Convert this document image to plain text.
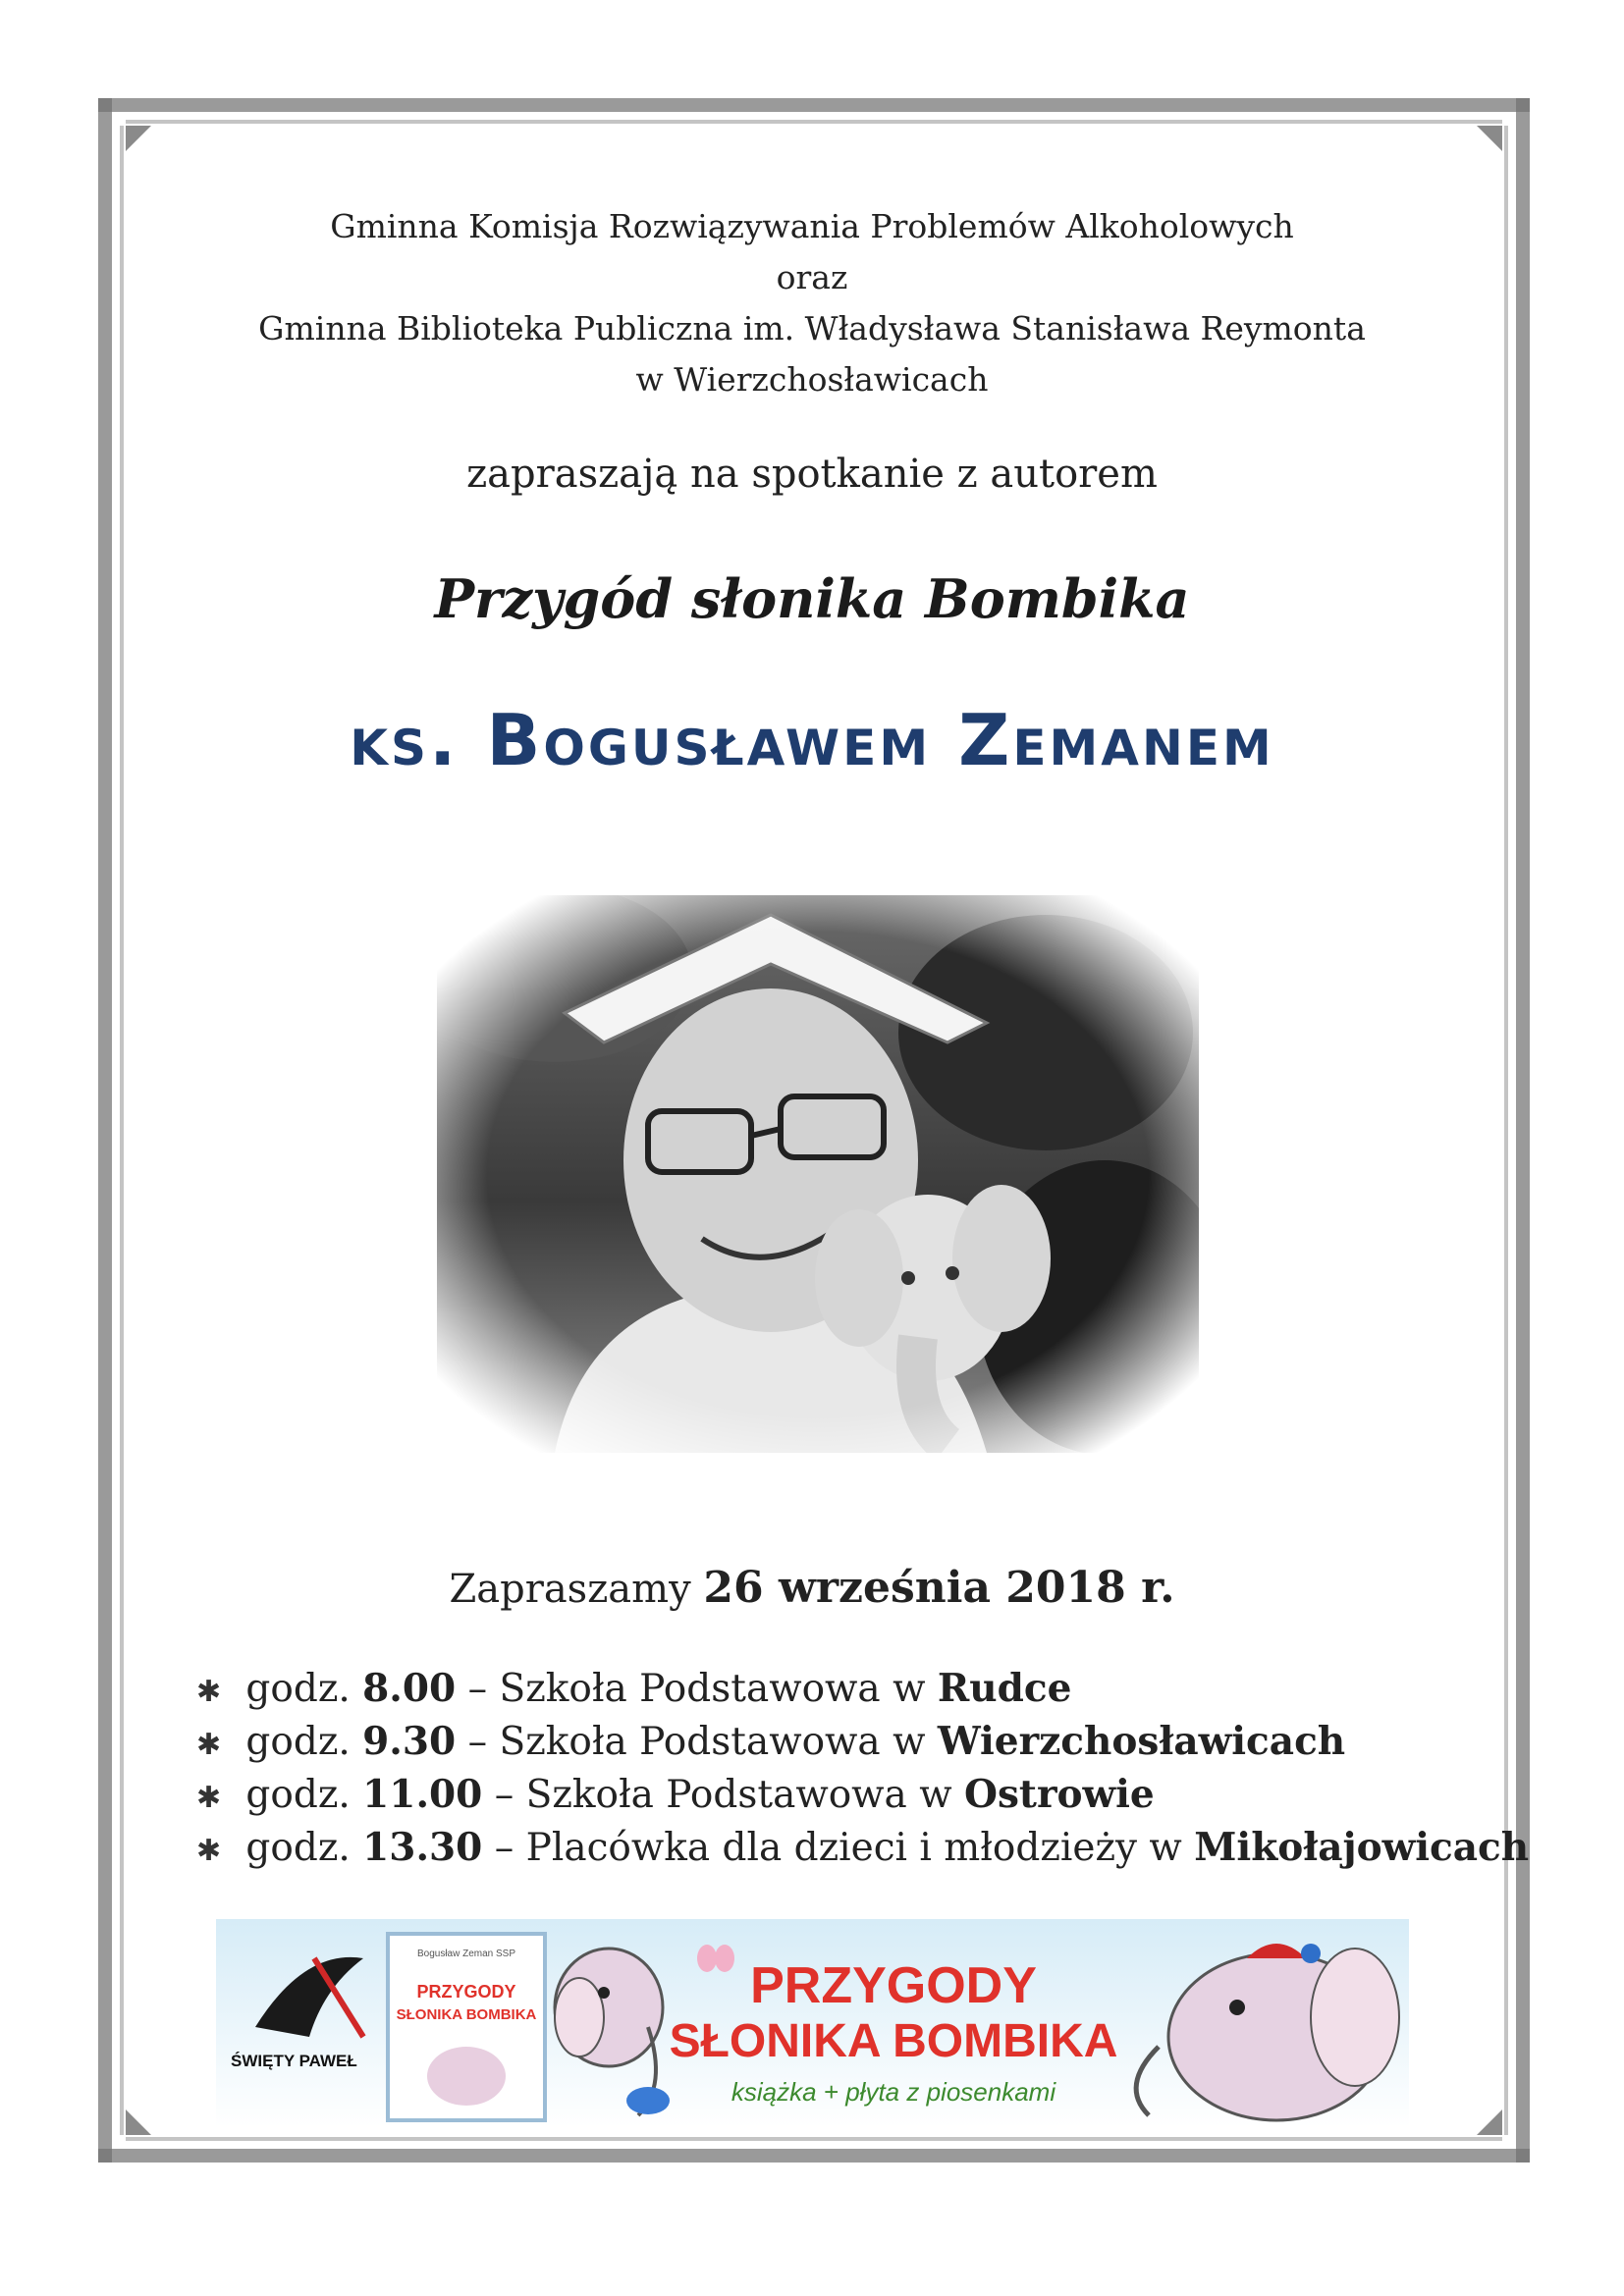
Gminna Komisja Rozwiązywania Problemów Alkoholowych
oraz
Gminna Biblioteka Publiczna im. Władysława Stanisława Reymonta
w Wierzchosławicach
zapraszają na spotkanie z autorem
Przygód słonika Bombika
ks. Bogusławem Zemanem
Zapraszamy 26 września 2018 r.
✱ godz. 8.00 – Szkoła Podstawowa w Rudce
✱ godz. 9.30 – Szkoła Podstawowa w Wierzchosławicach
✱ godz. 11.00 – Szkoła Podstawowa w Ostrowie
✱ godz. 13.30 – Placówka dla dzieci i młodzieży w Mikołajowicach
ŚWIĘTY PAWEŁ
Bogusław Zeman SSP
PRZYGODY
SŁONIKA BOMBIKA
PRZYGODY
SŁONIKA BOMBIKA
książka + płyta z piosenkami
